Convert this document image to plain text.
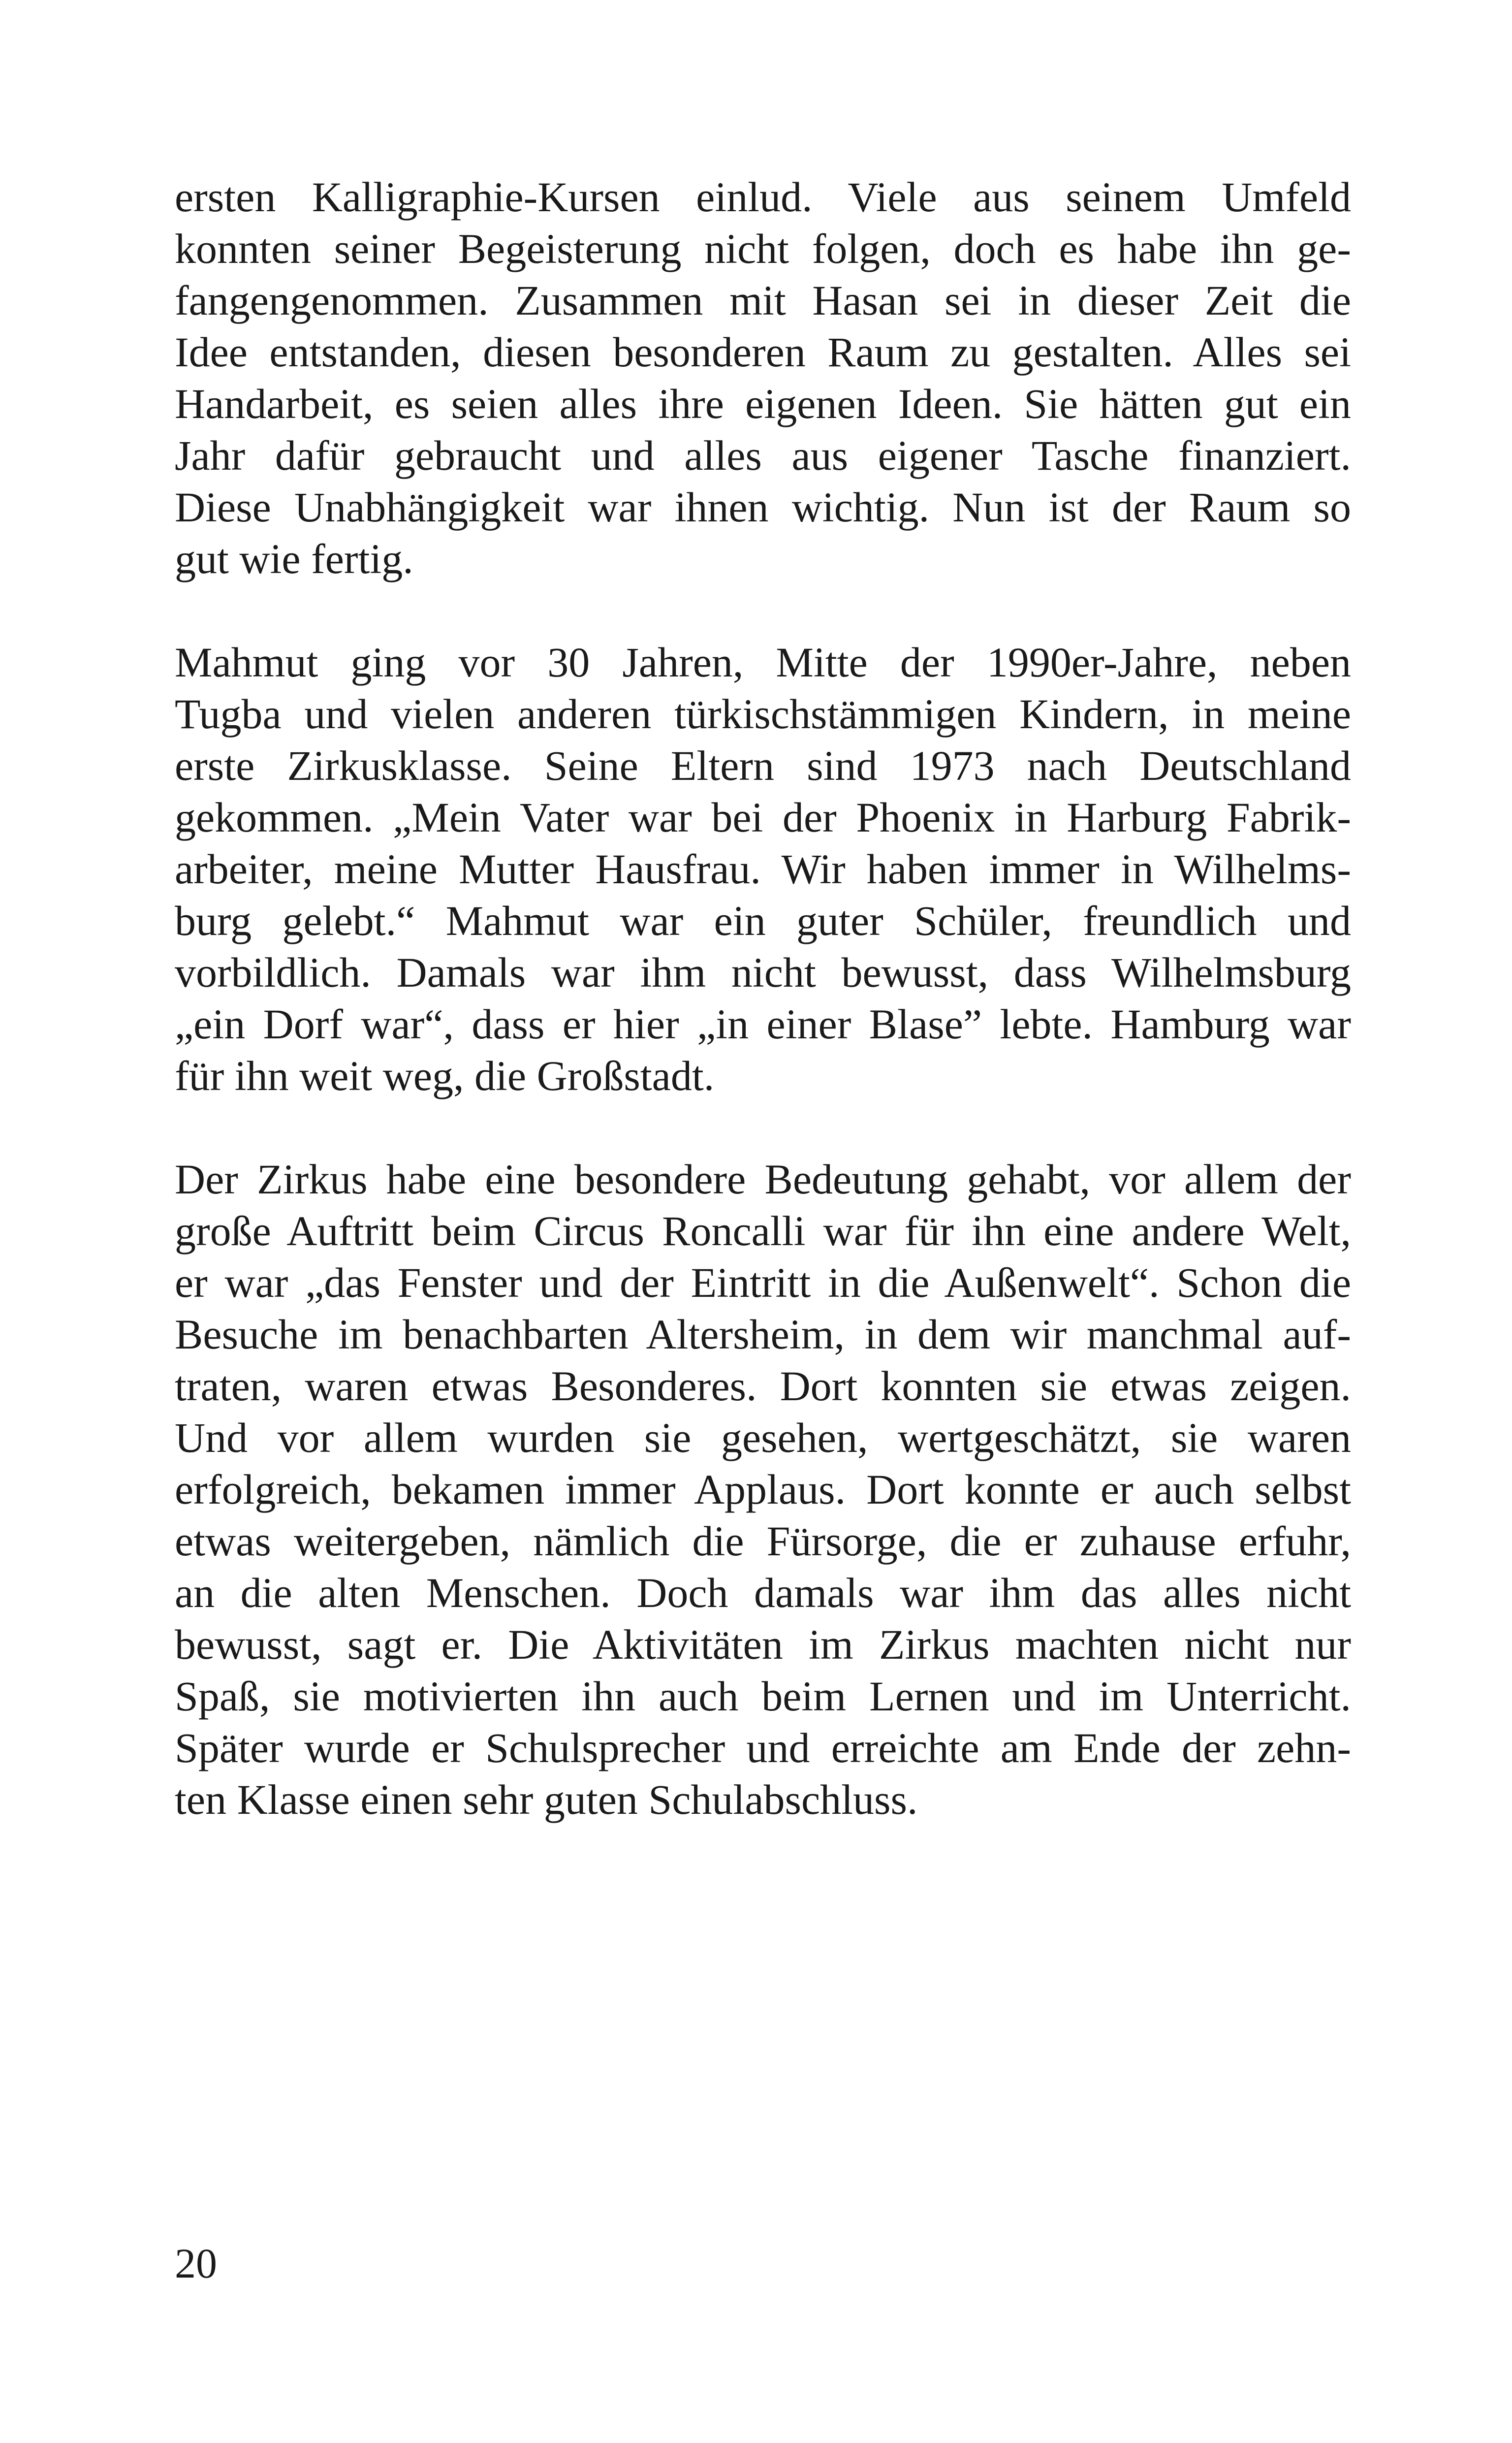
ersten Kalligraphie-Kursen einlud. Viele aus seinem Umfeld
konnten seiner Begeisterung nicht folgen, doch es habe ihn ge-
fangengenommen. Zusammen mit Hasan sei in dieser Zeit die
Idee entstanden, diesen besonderen Raum zu gestalten. Alles sei
Handarbeit, es seien alles ihre eigenen Ideen. Sie hätten gut ein
Jahr dafür gebraucht und alles aus eigener Tasche finanziert.
Diese Unabhängigkeit war ihnen wichtig. Nun ist der Raum so
gut wie fertig.

Mahmut ging vor 30 Jahren, Mitte der 1990er-Jahre, neben
Tugba und vielen anderen türkischstämmigen Kindern, in meine
erste Zirkusklasse. Seine Eltern sind 1973 nach Deutschland
gekommen. „Mein Vater war bei der Phoenix in Harburg Fabrik-
arbeiter, meine Mutter Hausfrau. Wir haben immer in Wilhelms-
burg gelebt.“ Mahmut war ein guter Schüler, freundlich und
vorbildlich. Damals war ihm nicht bewusst, dass Wilhelmsburg
„ein Dorf war“, dass er hier „in einer Blase” lebte. Hamburg war
für ihn weit weg, die Großstadt.

Der Zirkus habe eine besondere Bedeutung gehabt, vor allem der
große Auftritt beim Circus Roncalli war für ihn eine andere Welt,
er war „das Fenster und der Eintritt in die Außenwelt“. Schon die
Besuche im benachbarten Altersheim, in dem wir manchmal auf-
traten, waren etwas Besonderes. Dort konnten sie etwas zeigen.
Und vor allem wurden sie gesehen, wertgeschätzt, sie waren
erfolgreich, bekamen immer Applaus. Dort konnte er auch selbst
etwas weitergeben, nämlich die Fürsorge, die er zuhause erfuhr,
an die alten Menschen. Doch damals war ihm das alles nicht
bewusst, sagt er. Die Aktivitäten im Zirkus machten nicht nur
Spaß, sie motivierten ihn auch beim Lernen und im Unterricht.
Später wurde er Schulsprecher und erreichte am Ende der zehn-
ten Klasse einen sehr guten Schulabschluss.

20
